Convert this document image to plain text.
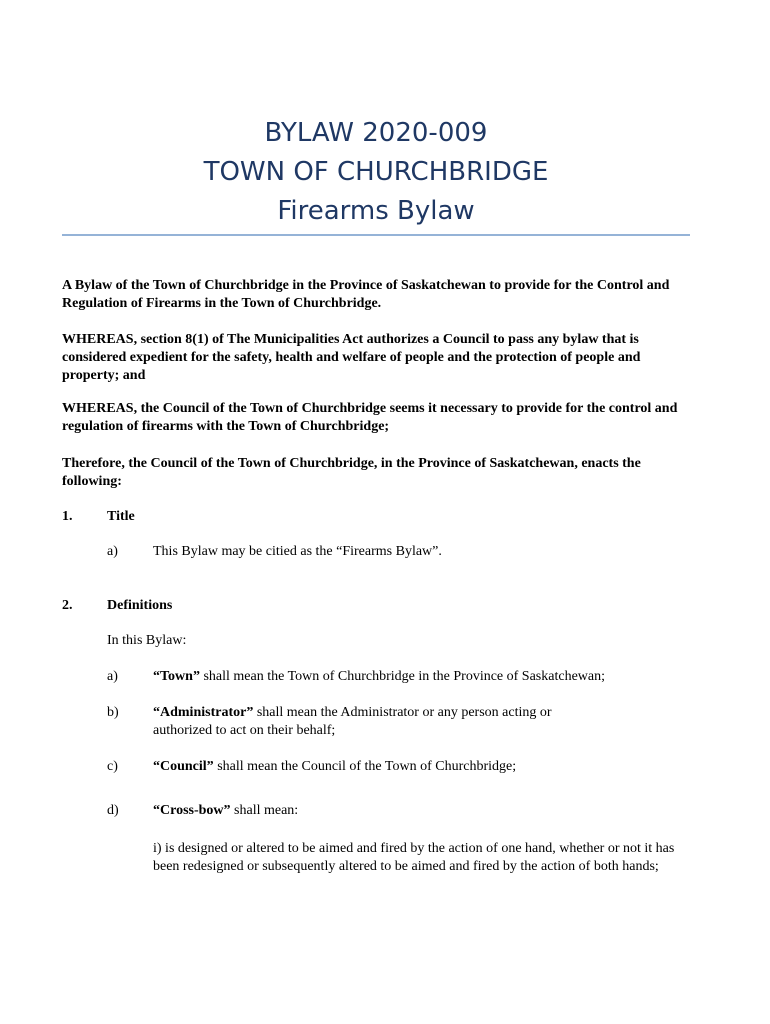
BYLAW 2020-009
TOWN OF CHURCHBRIDGE
Firearms Bylaw

A Bylaw of the Town of Churchbridge in the Province of Saskatchewan to provide for the Control and Regulation of Firearms in the Town of Churchbridge.

WHEREAS, section 8(1) of The Municipalities Act authorizes a Council to pass any bylaw that is considered expedient for the safety, health and welfare of people and the protection of people and property; and

WHEREAS, the Council of the Town of Churchbridge seems it necessary to provide for the control and regulation of firearms with the Town of Churchbridge;

Therefore, the Council of the Town of Churchbridge, in the Province of Saskatchewan, enacts the following:

1. Title
a)	This Bylaw may be citied as the “Firearms Bylaw”.
2. Definitions
In this Bylaw:
a)	“Town” shall mean the Town of Churchbridge in the Province of Saskatchewan;
b) “Administrator” shall mean the Administrator or any person acting or
authorized to act on their behalf;
c)	“Council” shall mean the Council of the Town of Churchbridge;
d) “Cross-bow” shall mean:
i) is designed or altered to be aimed and fired by the action of one hand, whether or not it has been redesigned or subsequently altered to be aimed and fired by the action of both hands;
